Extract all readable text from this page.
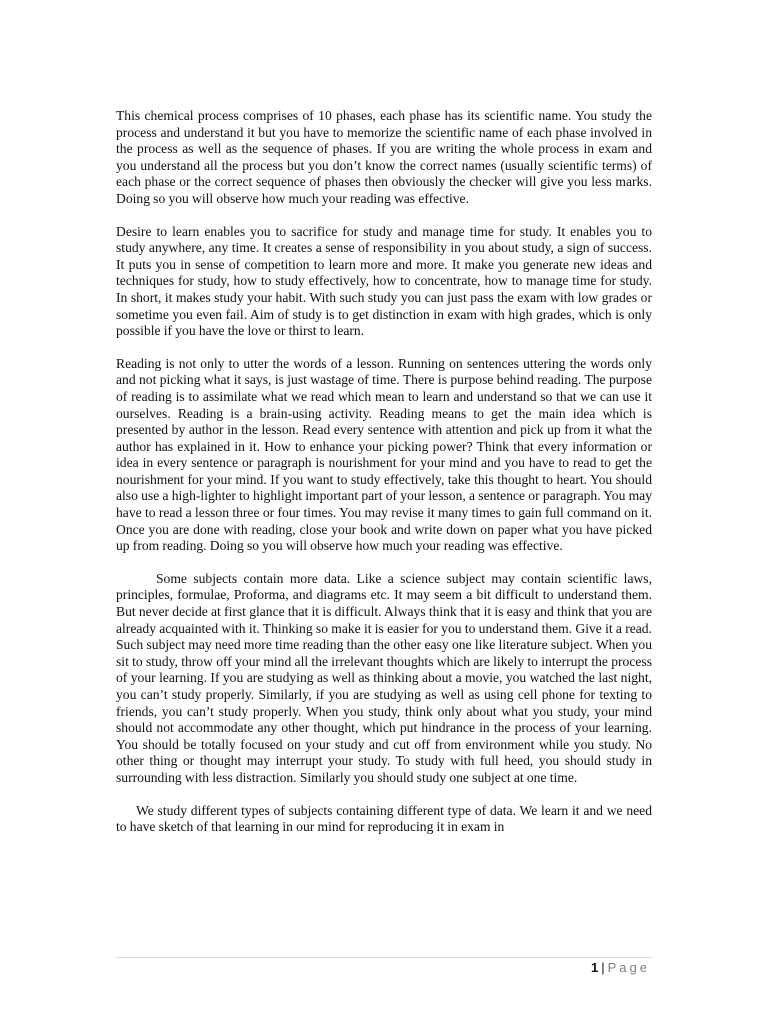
This chemical process comprises of 10 phases, each phase has its scientific name. You study the process and understand it but you have to memorize the scientific name of each phase involved in the process as well as the sequence of phases. If you are writing the whole process in exam and you understand all the process but you don’t know the correct names (usually scientific terms) of each phase or the correct sequence of phases then obviously the checker will give you less marks. Doing so you will observe how much your reading was effective.

Desire to learn enables you to sacrifice for study and manage time for study. It enables you to study anywhere, any time. It creates a sense of responsibility in you about study, a sign of success. It puts you in sense of competition to learn more and more. It make you generate new ideas and techniques for study, how to study effectively, how to concentrate, how to manage time for study. In short, it makes study your habit. With such study you can just pass the exam with low grades or sometime you even fail. Aim of study is to get distinction in exam with high grades, which is only possible if you have the love or thirst to learn.

Reading is not only to utter the words of a lesson. Running on sentences uttering the words only and not picking what it says, is just wastage of time. There is purpose behind reading. The purpose of reading is to assimilate what we read which mean to learn and understand so that we can use it ourselves. Reading is a brain-using activity. Reading means to get the main idea which is presented by author in the lesson. Read every sentence with attention and pick up from it what the author has explained in it. How to enhance your picking power? Think that every information or idea in every sentence or paragraph is nourishment for your mind and you have to read to get the nourishment for your mind. If you want to study effectively, take this thought to heart. You should also use a high-lighter to highlight important part of your lesson, a sentence or paragraph. You may have to read a lesson three or four times. You may revise it many times to gain full command on it. Once you are done with reading, close your book and write down on paper what you have picked up from reading. Doing so you will observe how much your reading was effective.

Some subjects contain more data. Like a science subject may contain scientific laws, principles, formulae, Proforma, and diagrams etc. It may seem a bit difficult to understand them. But never decide at first glance that it is difficult. Always think that it is easy and think that you are already acquainted with it. Thinking so make it is easier for you to understand them. Give it a read. Such subject may need more time reading than the other easy one like literature subject. When you sit to study, throw off your mind all the irrelevant thoughts which are likely to interrupt the process of your learning. If you are studying as well as thinking about a movie, you watched the last night, you can’t study properly. Similarly, if you are studying as well as using cell phone for texting to friends, you can’t study properly. When you study, think only about what you study, your mind should not accommodate any other thought, which put hindrance in the process of your learning. You should be totally focused on your study and cut off from environment while you study. No other thing or thought may interrupt your study. To study with full heed, you should study in surrounding with less distraction. Similarly you should study one subject at one time.

We study different types of subjects containing different type of data. We learn it and we need to have sketch of that learning in our mind for reproducing it in exam in

1 | Page
